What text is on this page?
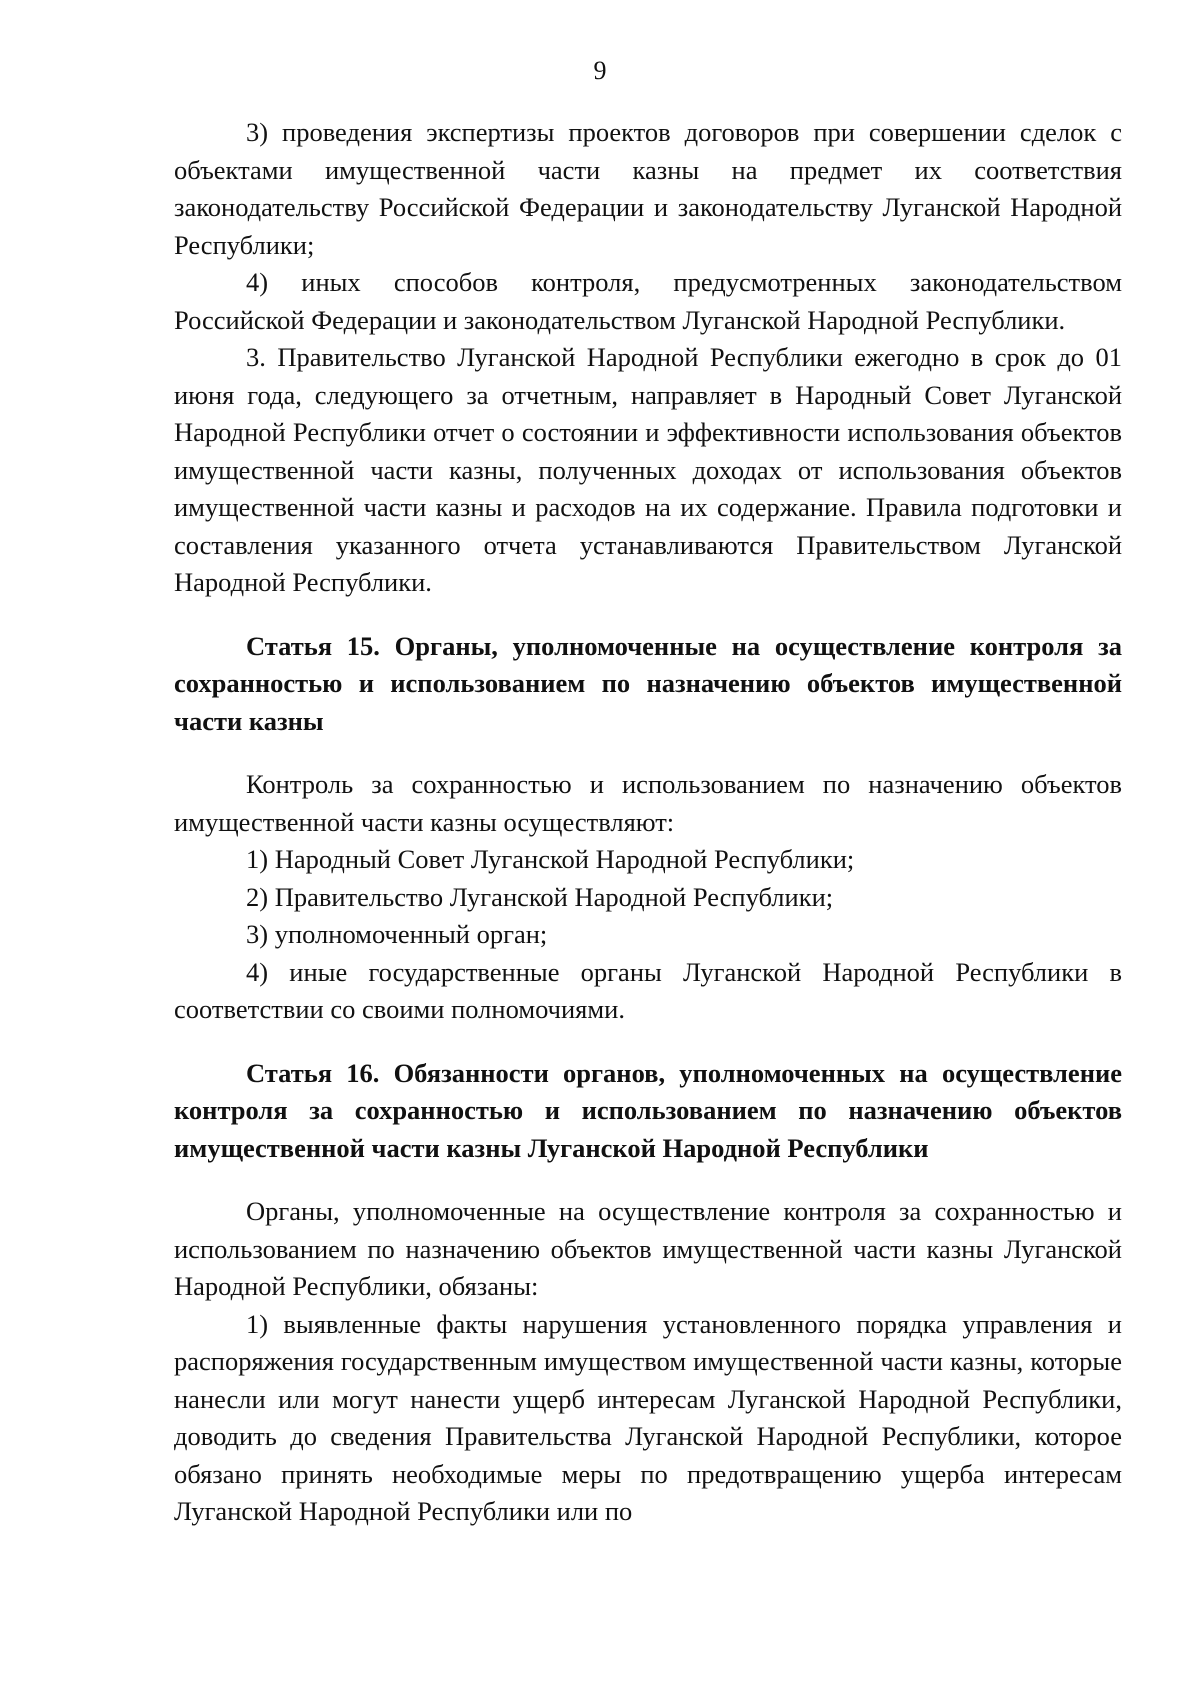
9

3) проведения экспертизы проектов договоров при совершении сделок с объектами имущественной части казны на предмет их соответствия законодательству Российской Федерации и законодательству Луганской Народной Республики;

4) иных способов контроля, предусмотренных законодательством Российской Федерации и законодательством Луганской Народной Республики.

3. Правительство Луганской Народной Республики ежегодно в срок до 01 июня года, следующего за отчетным, направляет в Народный Совет Луганской Народной Республики отчет о состоянии и эффективности использования объектов имущественной части казны, полученных доходах от использования объектов имущественной части казны и расходов на их содержание. Правила подготовки и составления указанного отчета устанавливаются Правительством Луганской Народной Республики.

Статья 15. Органы, уполномоченные на осуществление контроля за сохранностью и использованием по назначению объектов имущественной части казны

Контроль за сохранностью и использованием по назначению объектов имущественной части казны осуществляют:

1) Народный Совет Луганской Народной Республики;

2) Правительство Луганской Народной Республики;

3) уполномоченный орган;

4) иные государственные органы Луганской Народной Республики в соответствии со своими полномочиями.

Статья 16. Обязанности органов, уполномоченных на осуществление контроля за сохранностью и использованием по назначению объектов имущественной части казны Луганской Народной Республики

Органы, уполномоченные на осуществление контроля за сохранностью и использованием по назначению объектов имущественной части казны Луганской Народной Республики, обязаны:

1) выявленные факты нарушения установленного порядка управления и распоряжения государственным имуществом имущественной части казны, которые нанесли или могут нанести ущерб интересам Луганской Народной Республики, доводить до сведения Правительства Луганской Народной Республики, которое обязано принять необходимые меры по предотвращению ущерба интересам Луганской Народной Республики или по
